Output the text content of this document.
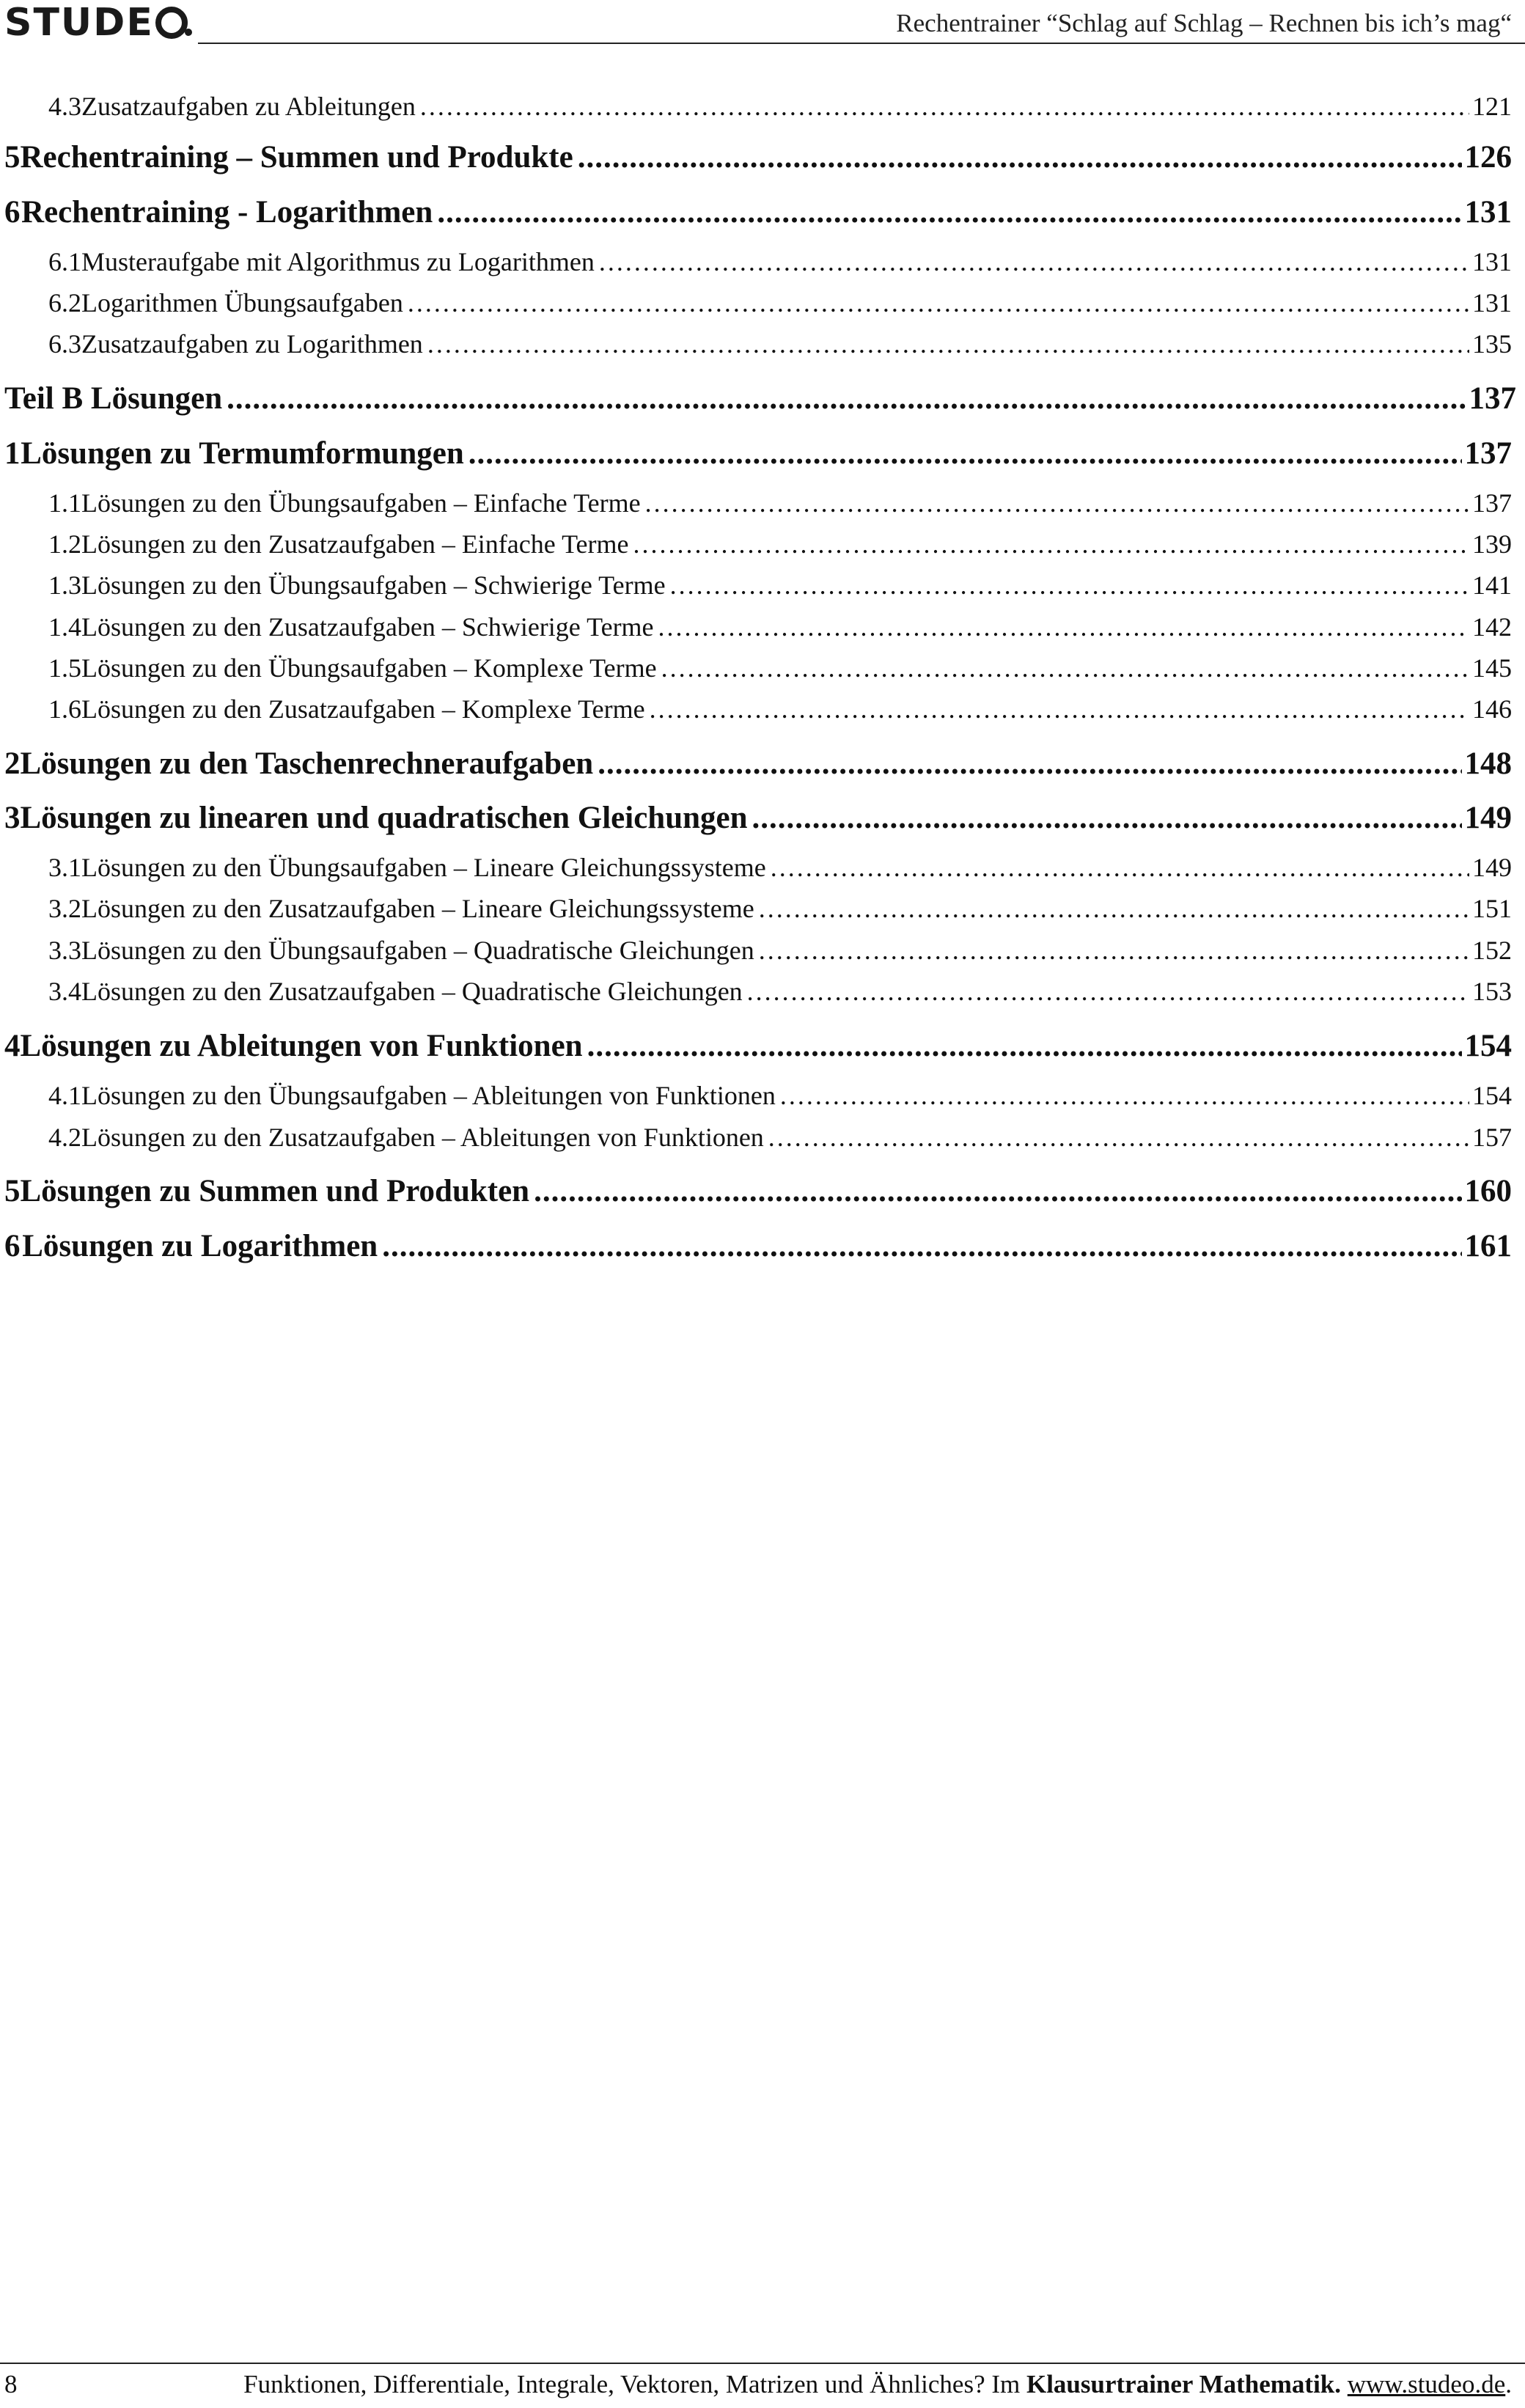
STUD E	Rechentrainer “Schlag auf Schlag – Rechnen bis ich’s mag“
4.3 Zusatzaufgaben zu Ableitungen .....	121
5 Rechentraining – Summen und Produkte .....	126
6 Rechentraining - Logarithmen .....	131
6.1 Musteraufgabe mit Algorithmus zu Logarithmen .....	131
6.2 Logarithmen Übungsaufgaben .....	131
6.3 Zusatzaufgaben zu Logarithmen .....	135
Teil B Lösungen .....	137
1 Lösungen zu Termumformungen .....	137
1.1 Lösungen zu den Übungsaufgaben – Einfache Terme .....	137
1.2 Lösungen zu den Zusatzaufgaben – Einfache Terme .....	139
1.3 Lösungen zu den Übungsaufgaben – Schwierige Terme .....	141
1.4 Lösungen zu den Zusatzaufgaben – Schwierige Terme .....	142
1.5 Lösungen zu den Übungsaufgaben – Komplexe Terme .....	145
1.6 Lösungen zu den Zusatzaufgaben – Komplexe Terme .....	146
2 Lösungen zu den Taschenrechneraufgaben .....	148
3 Lösungen zu linearen und quadratischen Gleichungen .....	149
3.1 Lösungen zu den Übungsaufgaben – Lineare Gleichungssysteme .....	149
3.2 Lösungen zu den Zusatzaufgaben – Lineare Gleichungssysteme .....	151
3.3 Lösungen zu den Übungsaufgaben – Quadratische Gleichungen .....	152
3.4 Lösungen zu den Zusatzaufgaben – Quadratische Gleichungen .....	153
4 Lösungen zu Ableitungen von Funktionen .....	154
4.1 Lösungen zu den Übungsaufgaben – Ableitungen von Funktionen .....	154
4.2 Lösungen zu den Zusatzaufgaben – Ableitungen von Funktionen .....	157
5 Lösungen zu Summen und Produkten .....	160
6 Lösungen zu Logarithmen .....	161
8	Funktionen, Differentiale, Integrale, Vektoren, Matrizen und Ähnliches? Im Klausurtrainer Mathematik. www.studeo.de.
